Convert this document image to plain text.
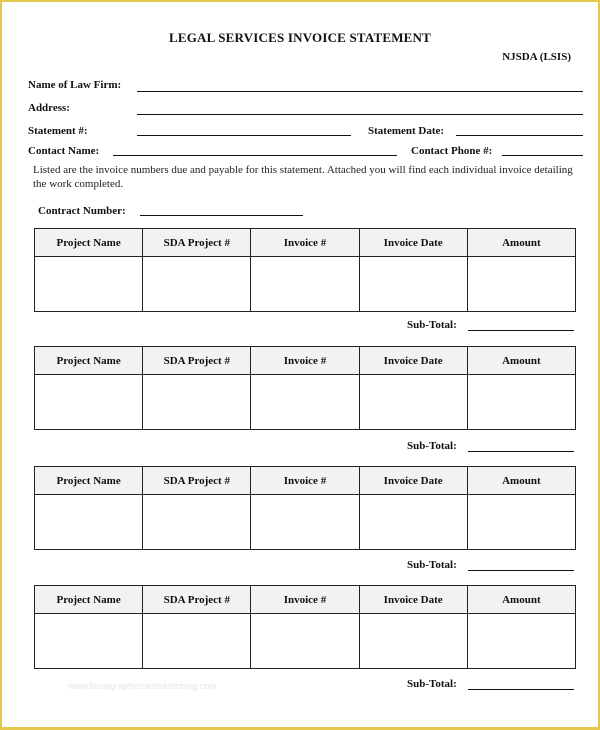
LEGAL SERVICES INVOICE STATEMENT
NJSDA (LSIS)
Name of Law Firm:
Address:
Statement #:	Statement Date:
Contact Name:	Contact Phone #:
Listed are the invoice numbers due and payable for this statement. Attached you will find each individual invoice detailing the work completed.
Contract Number:
Project Name	SDA Project #	Invoice #	Invoice Date	Amount

Sub-Total:
Project Name	SDA Project #	Invoice #	Invoice Date	Amount

Sub-Total:
Project Name	SDA Project #	Invoice #	Invoice Date	Amount

Sub-Total:
Project Name	SDA Project #	Invoice #	Invoice Date	Amount

www.fiscalgraphicsandsketching.com	Sub-Total:
